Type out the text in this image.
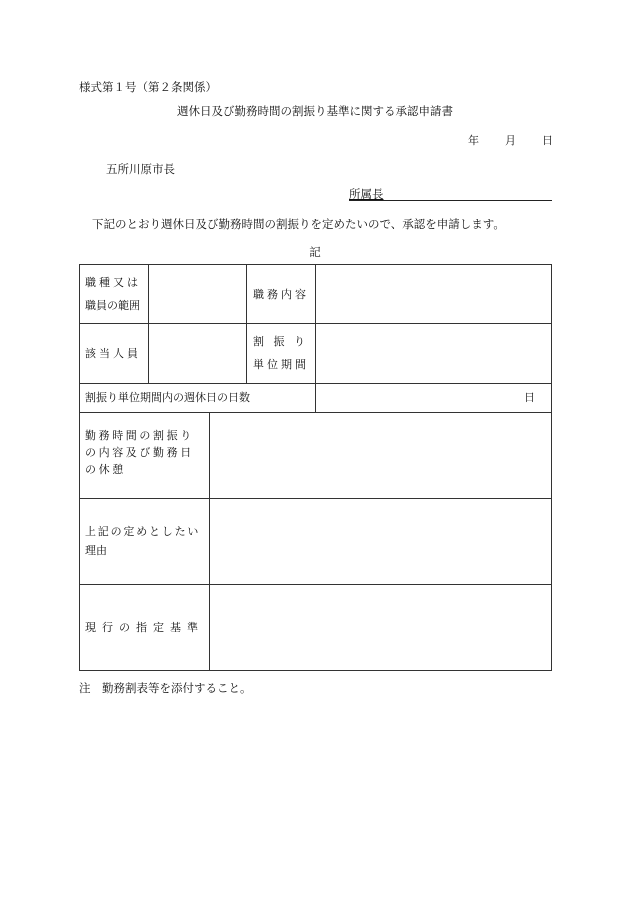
様式第１号（第２条関係）
週休日及び勤務時間の割振り基準に関する承認申請書
年 月 日
五所川原市長
所属長
下記のとおり週休日及び勤務時間の割振りを定めたいので、承認を申請します。
記
職種又は
職員の範囲
職務内容
該当人員
割 振 り
単位期間
割振り単位期間内の週休日の日数	日
勤務時間の割振り
の内容及び勤務日
の休憩
上記の定めとしたい
理由
現行の指定基準
注　勤務割表等を添付すること。
